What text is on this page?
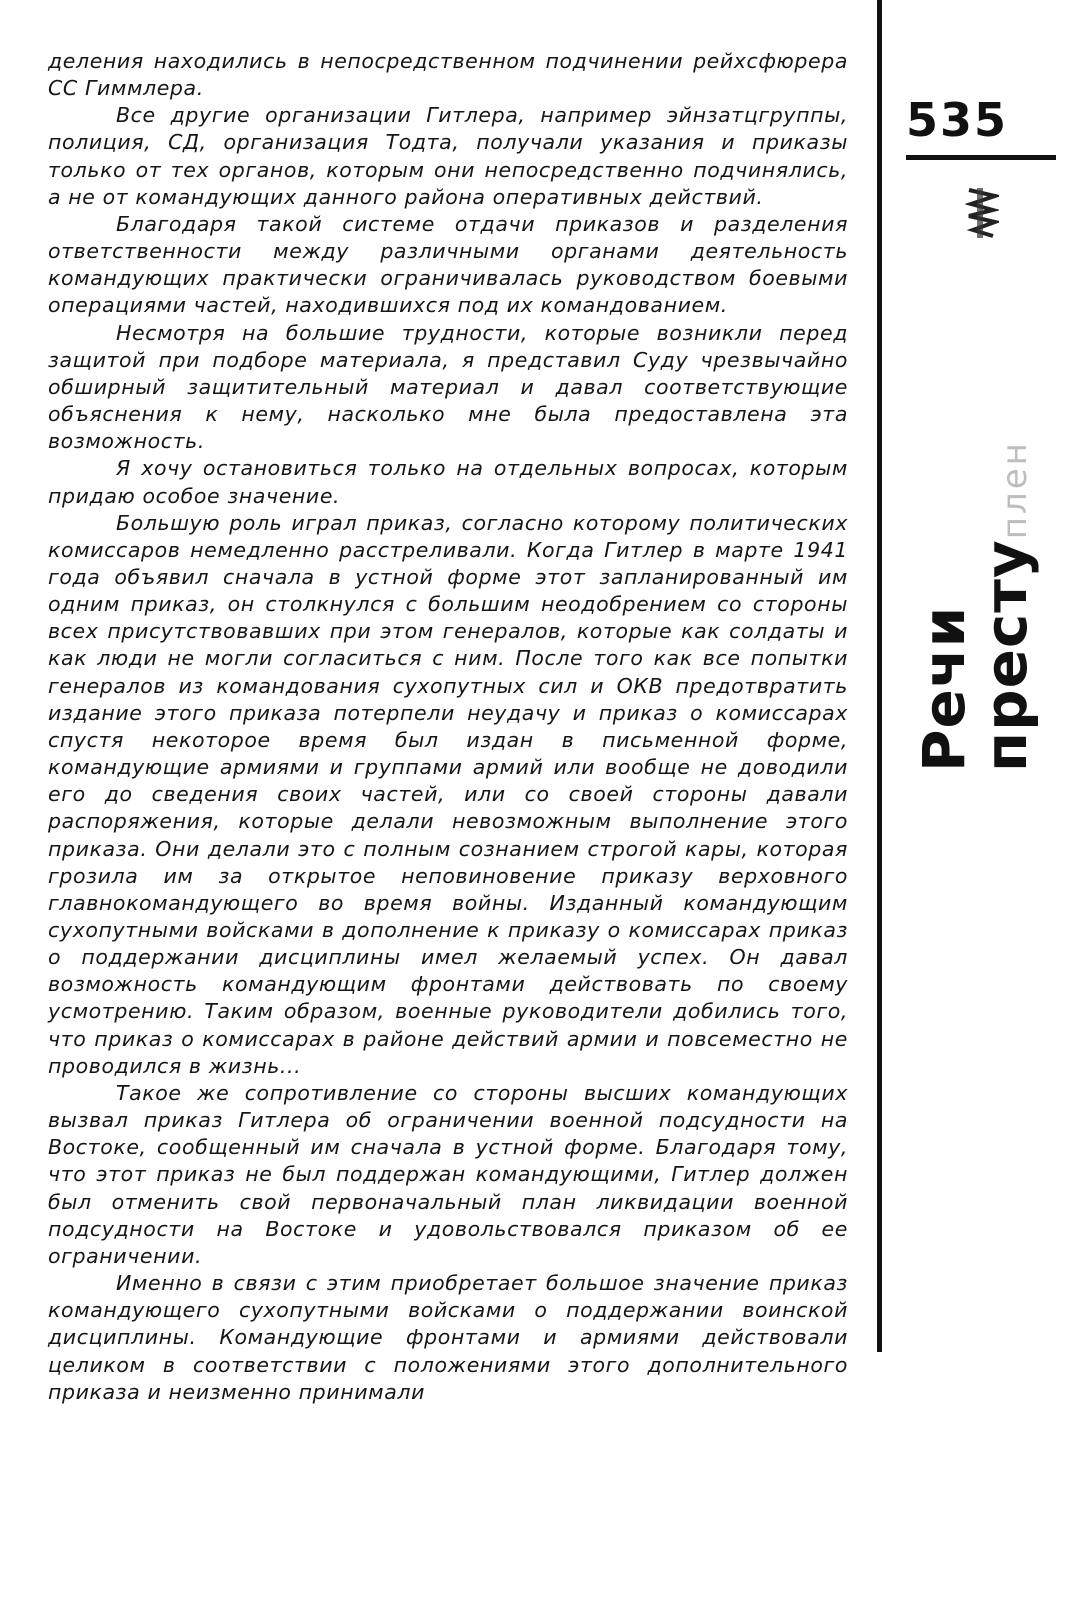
деления находились в непосредственном подчинении рейхсфюрера СС Гиммлера.

Все другие организации Гитлера, например эйнзатцгруппы, полиция, СД, организация Тодта, получали указания и приказы только от тех органов, которым они непосредственно подчинялись, а не от командующих данного района оперативных действий.

Благодаря такой системе отдачи приказов и разделения ответственности между различными органами деятельность командующих практически ограничивалась руководством боевыми операциями частей, находившихся под их командованием.

Несмотря на большие трудности, которые возникли перед защитой при подборе материала, я представил Суду чрезвычайно обширный защитительный материал и давал соответствующие объяснения к нему, насколько мне была предоставлена эта возможность.

Я хочу остановиться только на отдельных вопросах, которым придаю особое значение.

Большую роль играл приказ, согласно которому политических комиссаров немедленно расстреливали. Когда Гитлер в марте 1941 года объявил сначала в устной форме этот запланированный им одним приказ, он столкнулся с большим неодобрением со стороны всех присутствовавших при этом генералов, которые как солдаты и как люди не могли согласиться с ним. После того как все попытки генералов из командования сухопутных сил и ОКВ предотвратить издание этого приказа потерпели неудачу и приказ о комиссарах спустя некоторое время был издан в письменной форме, командующие армиями и группами армий или вообще не доводили его до сведения своих частей, или со своей стороны давали распоряжения, которые делали невозможным выполнение этого приказа. Они делали это с полным сознанием строгой кары, которая грозила им за открытое неповиновение приказу верховного главнокомандующего во время войны. Изданный командующим сухопутными войсками в дополнение к приказу о комиссарах приказ о поддержании дисциплины имел желаемый успех. Он давал возможность командующим фронтами действовать по своему усмотрению. Таким образом, военные руководители добились того, что приказ о комиссарах в районе действий армии и повсеместно не проводился в жизнь...

Такое же сопротивление со стороны высших командующих вызвал приказ Гитлера об ограничении военной подсудности на Востоке, сообщенный им сначала в устной форме. Благодаря тому, что этот приказ не был поддержан командующими, Гитлер должен был отменить свой первоначальный план ликвидации военной подсудности на Востоке и удовольствовался приказом об ее ограничении.

Именно в связи с этим приобретает большое значение приказ командующего сухопутными войсками о поддержании воинской дисциплины. Командующие фронтами и армиями действовали целиком в соответствии с положениями этого дополнительного приказа и неизменно принимали

535
Речи
преступлен
